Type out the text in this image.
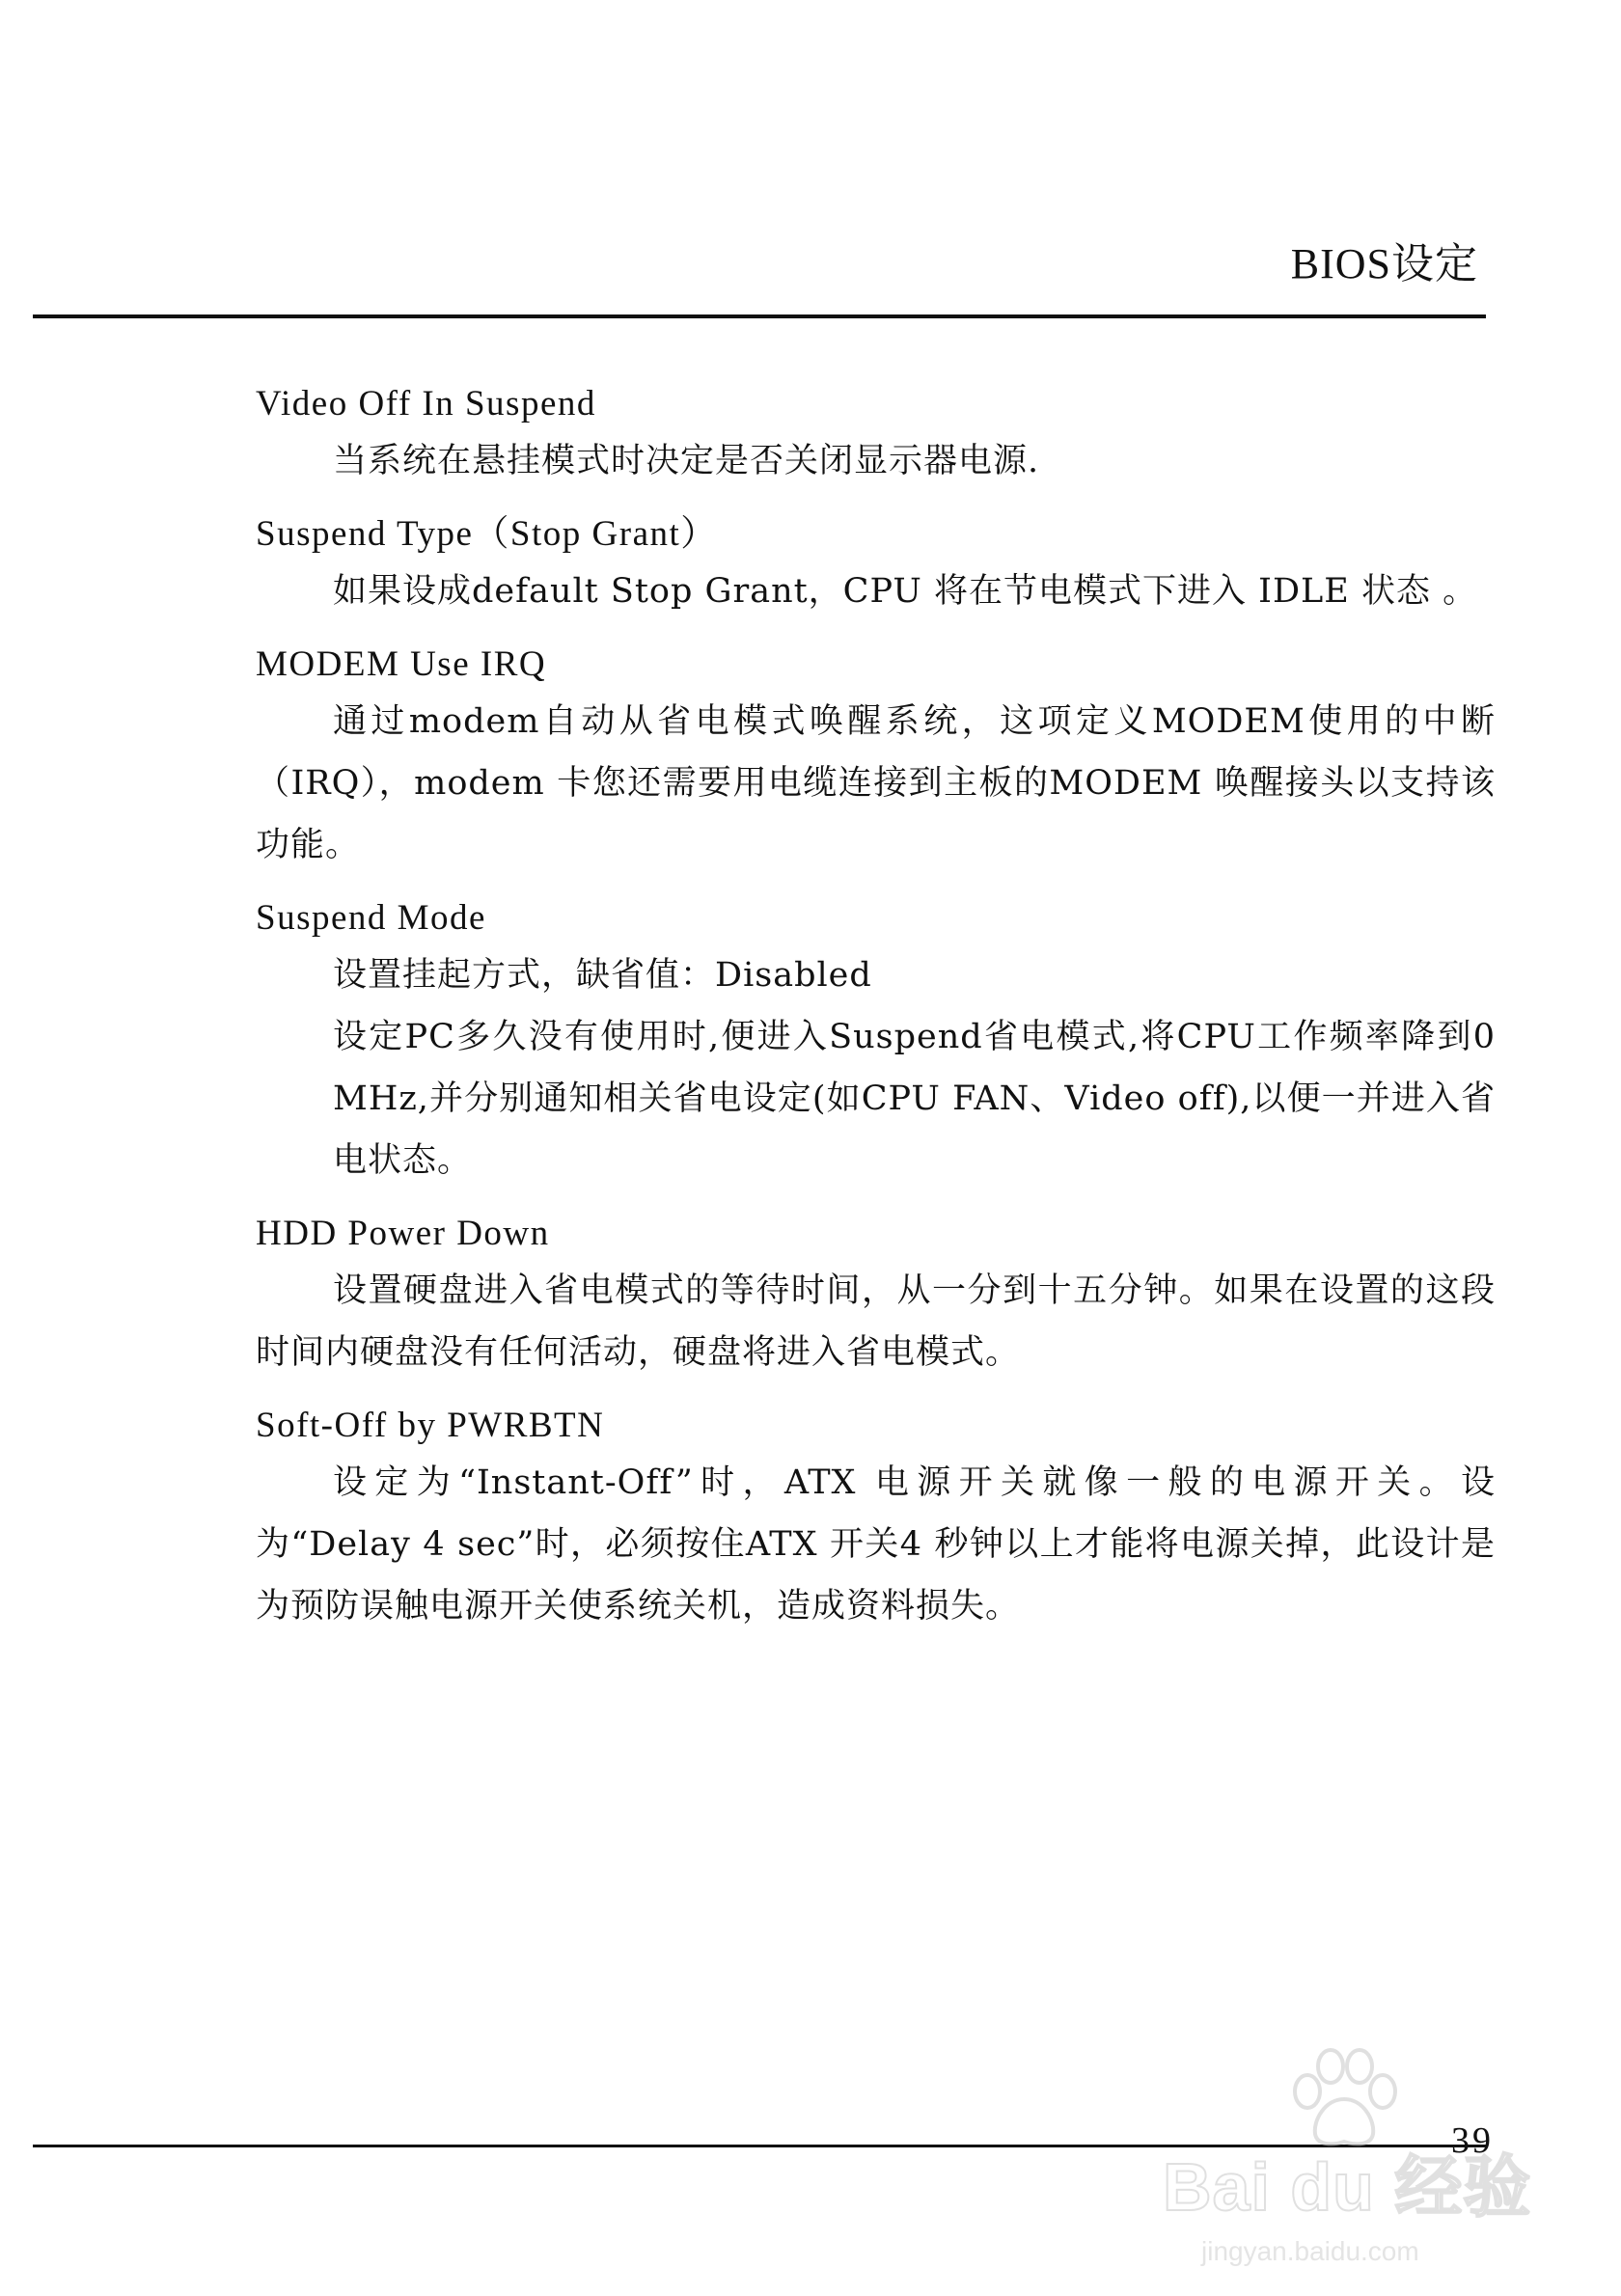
BIOS设定
Video Off In Suspend
当系统在悬挂模式时决定是否关闭显示器电源.
Suspend Type（Stop Grant）
如果设成default Stop Grant，CPU 将在节电模式下进入 IDLE 状态 。
MODEM Use IRQ
通过modem自动从省电模式唤醒系统，这项定义MODEM使用的中断（IRQ），modem 卡您还需要用电缆连接到主板的MODEM 唤醒接头以支持该功能。
Suspend Mode
设置挂起方式，缺省值：Disabled
设定PC多久没有使用时,便进入Suspend省电模式,将CPU工作频率降到0 MHz,并分别通知相关省电设定(如CPU FAN、Video off),以便一并进入省电状态。
HDD Power Down
设置硬盘进入省电模式的等待时间，从一分到十五分钟。如果在设置的这段时间内硬盘没有任何活动，硬盘将进入省电模式。
Soft-Off by PWRBTN
设定为“Instant-Off”时，ATX 电源开关就像一般的电源开关。设为“Delay 4 sec”时，必须按住ATX 开关4 秒钟以上才能将电源关掉，此设计是为预防误触电源开关使系统关机，造成资料损失。
Bai du 经验
jingyan.baidu.com
39
